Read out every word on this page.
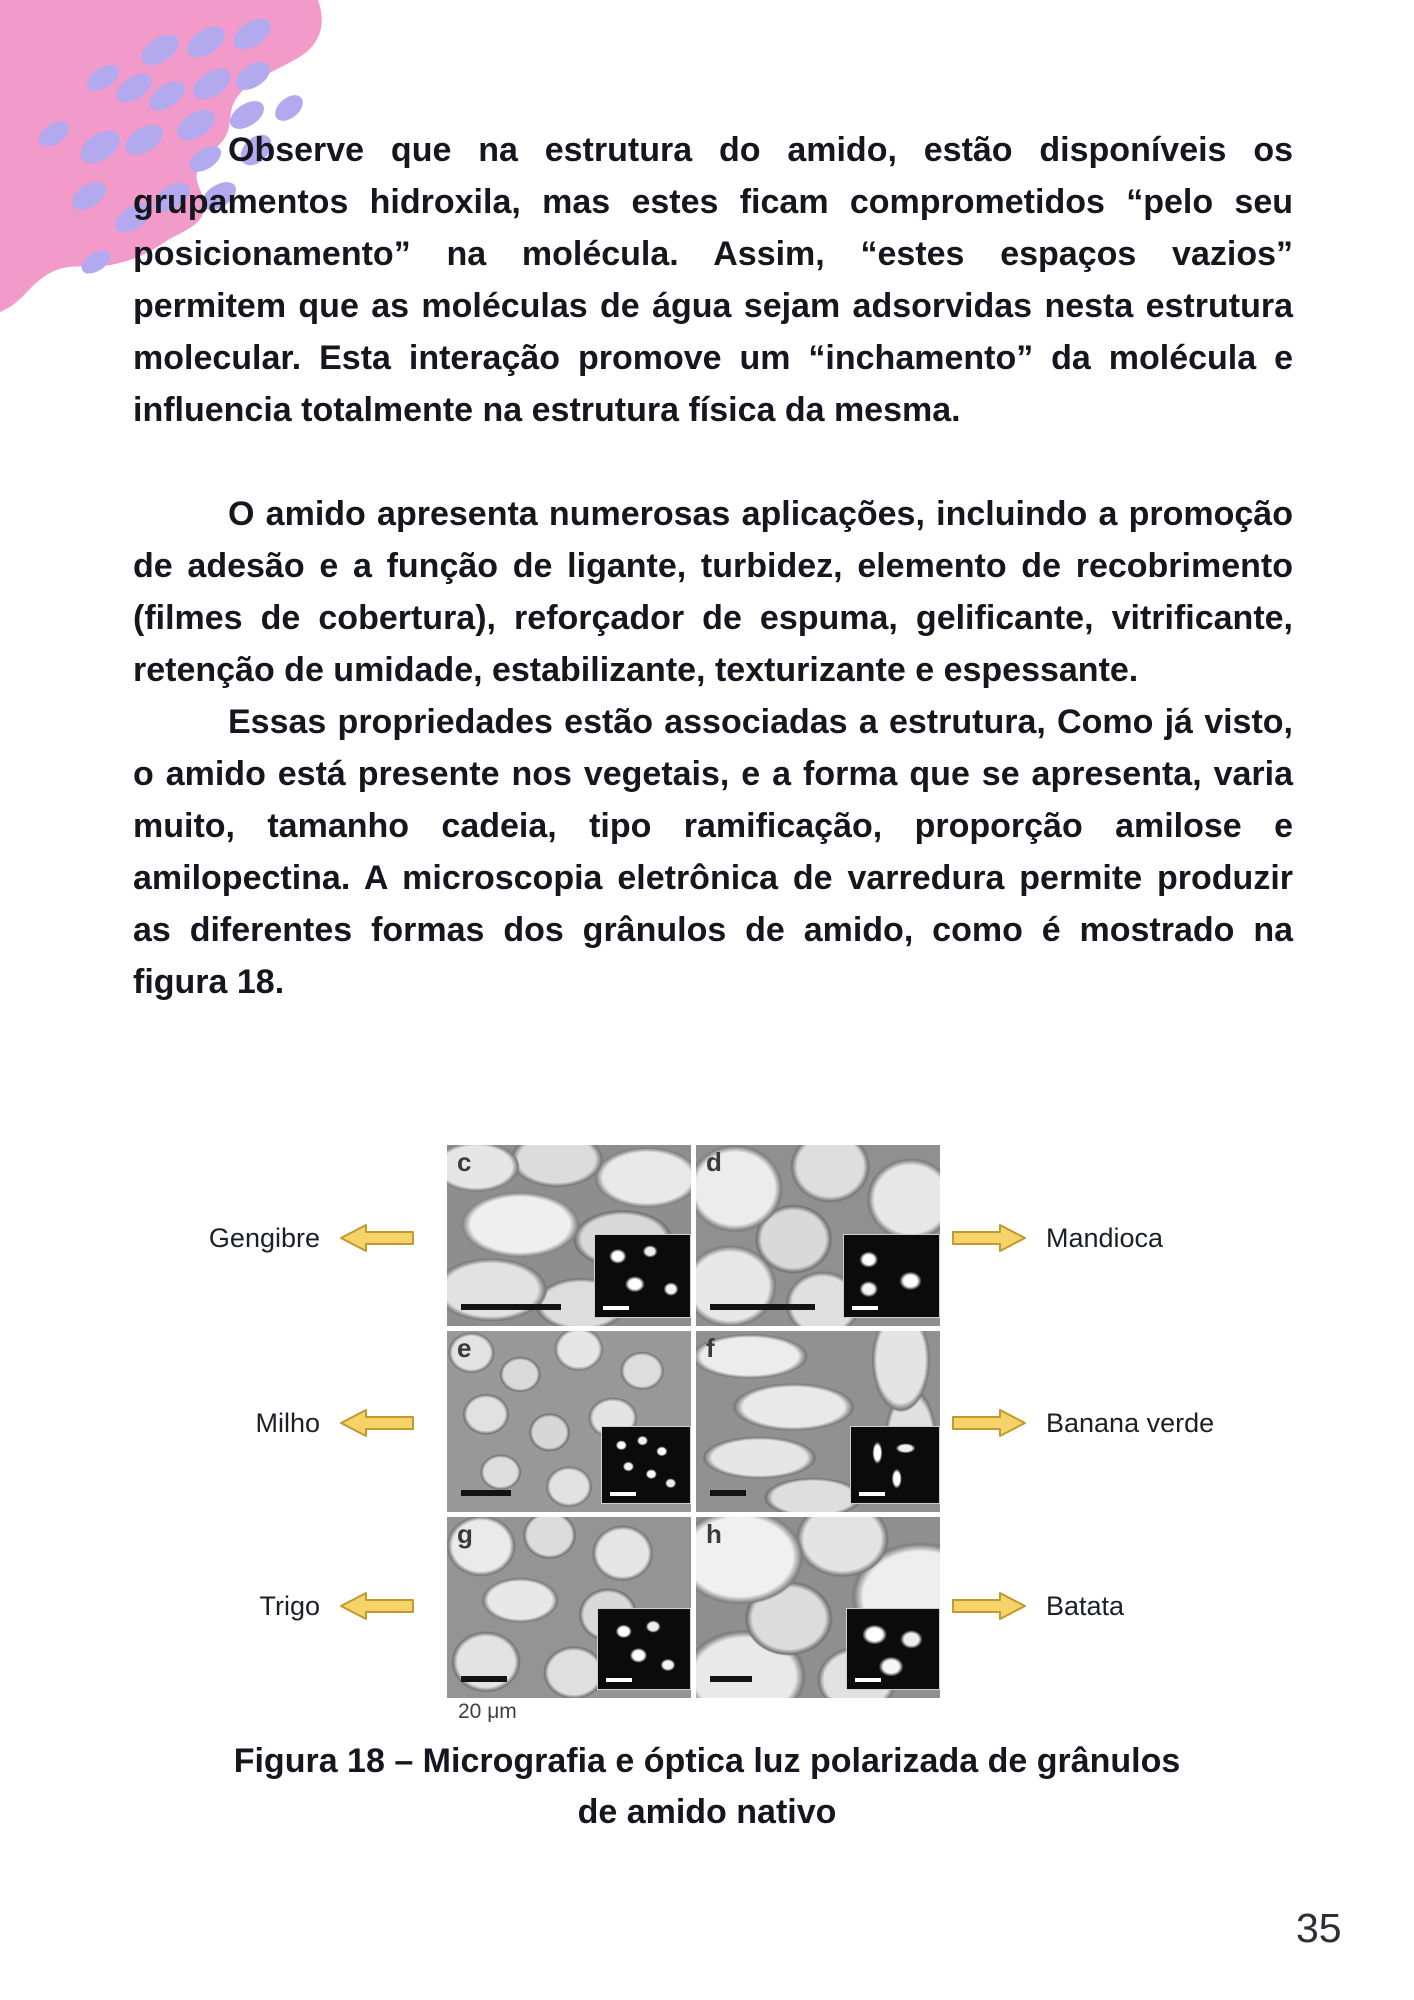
Observe que na estrutura do amido, estão disponíveis os grupamentos hidroxila, mas estes ficam comprometidos “pelo seu posicionamento” na molécula. Assim, “estes espaços vazios” permitem que as moléculas de água sejam adsorvidas nesta estrutura molecular. Esta interação promove um “inchamento” da molécula e influencia totalmente na estrutura física da mesma.

O amido apresenta numerosas aplicações, incluindo a promoção de adesão e a função de ligante, turbidez, elemento de recobrimento (filmes de cobertura), reforçador de espuma, gelificante, vitrificante, retenção de umidade, estabilizante, texturizante e espessante.

Essas propriedades estão associadas a estrutura, Como já visto, o amido está presente nos vegetais, e a forma que se apresenta, varia muito, tamanho cadeia, tipo ramificação, proporção amilose e amilopectina. A microscopia eletrônica de varredura permite produzir as diferentes formas dos grânulos de amido, como é mostrado na figura 18.

c	d
e	f
g	h
20 μm
Gengibre	Mandioca
Milho	Banana verde
Trigo	Batata
Figura 18 – Micrografia e óptica luz polarizada de grânulos
de amido nativo
35
